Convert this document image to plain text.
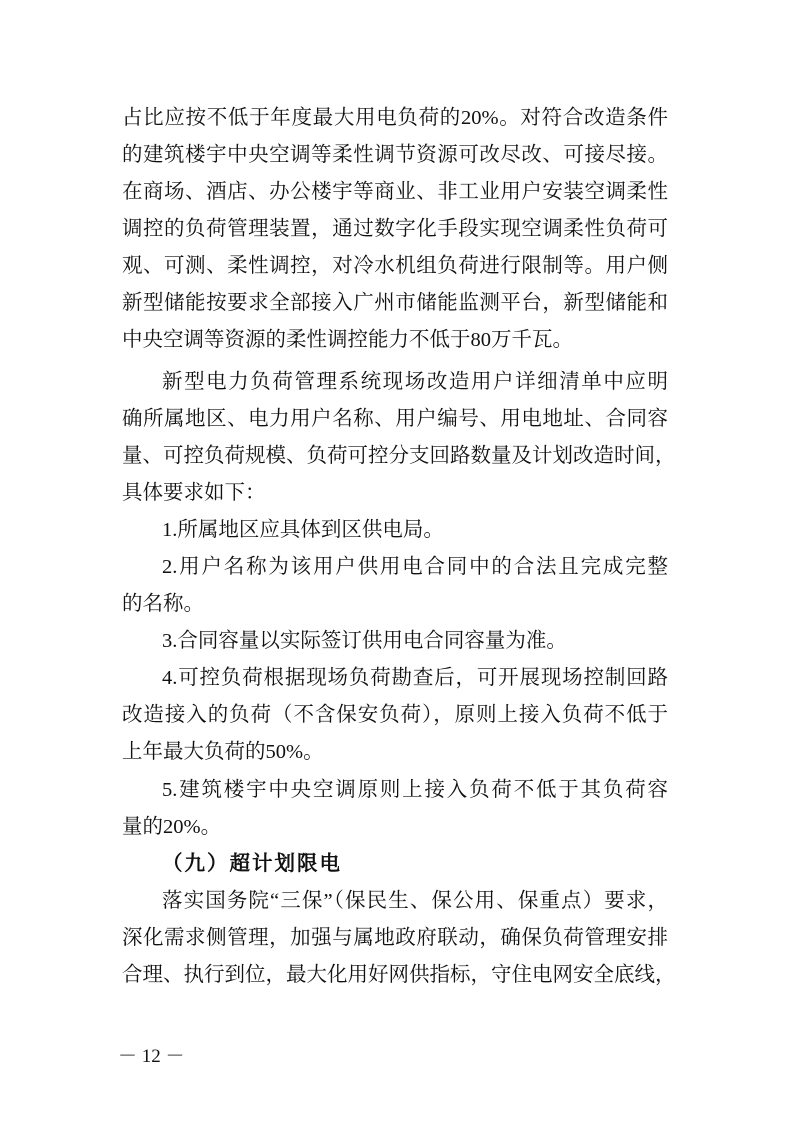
占比应按不低于年度最大用电负荷的20%。对符合改造条件
的建筑楼宇中央空调等柔性调节资源可改尽改、可接尽接。
在商场、酒店、办公楼宇等商业、非工业用户安装空调柔性
调控的负荷管理装置，通过数字化手段实现空调柔性负荷可
观、可测、柔性调控，对冷水机组负荷进行限制等。用户侧
新型储能按要求全部接入广州市储能监测平台，新型储能和
中央空调等资源的柔性调控能力不低于80万千瓦。
新型电力负荷管理系统现场改造用户详细清单中应明
确所属地区、电力用户名称、用户编号、用电地址、合同容
量、可控负荷规模、负荷可控分支回路数量及计划改造时间，
具体要求如下：
1.所属地区应具体到区供电局。
2.用户名称为该用户供用电合同中的合法且完成完整
的名称。
3.合同容量以实际签订供用电合同容量为准。
4.可控负荷根据现场负荷勘查后，可开展现场控制回路
改造接入的负荷（不含保安负荷），原则上接入负荷不低于
上年最大负荷的50%。
5.建筑楼宇中央空调原则上接入负荷不低于其负荷容
量的20%。
（九）超计划限电
落实国务院“三保”（保民生、保公用、保重点）要求，
深化需求侧管理，加强与属地政府联动，确保负荷管理安排
合理、执行到位，最大化用好网供指标，守住电网安全底线，
－ 12 －
